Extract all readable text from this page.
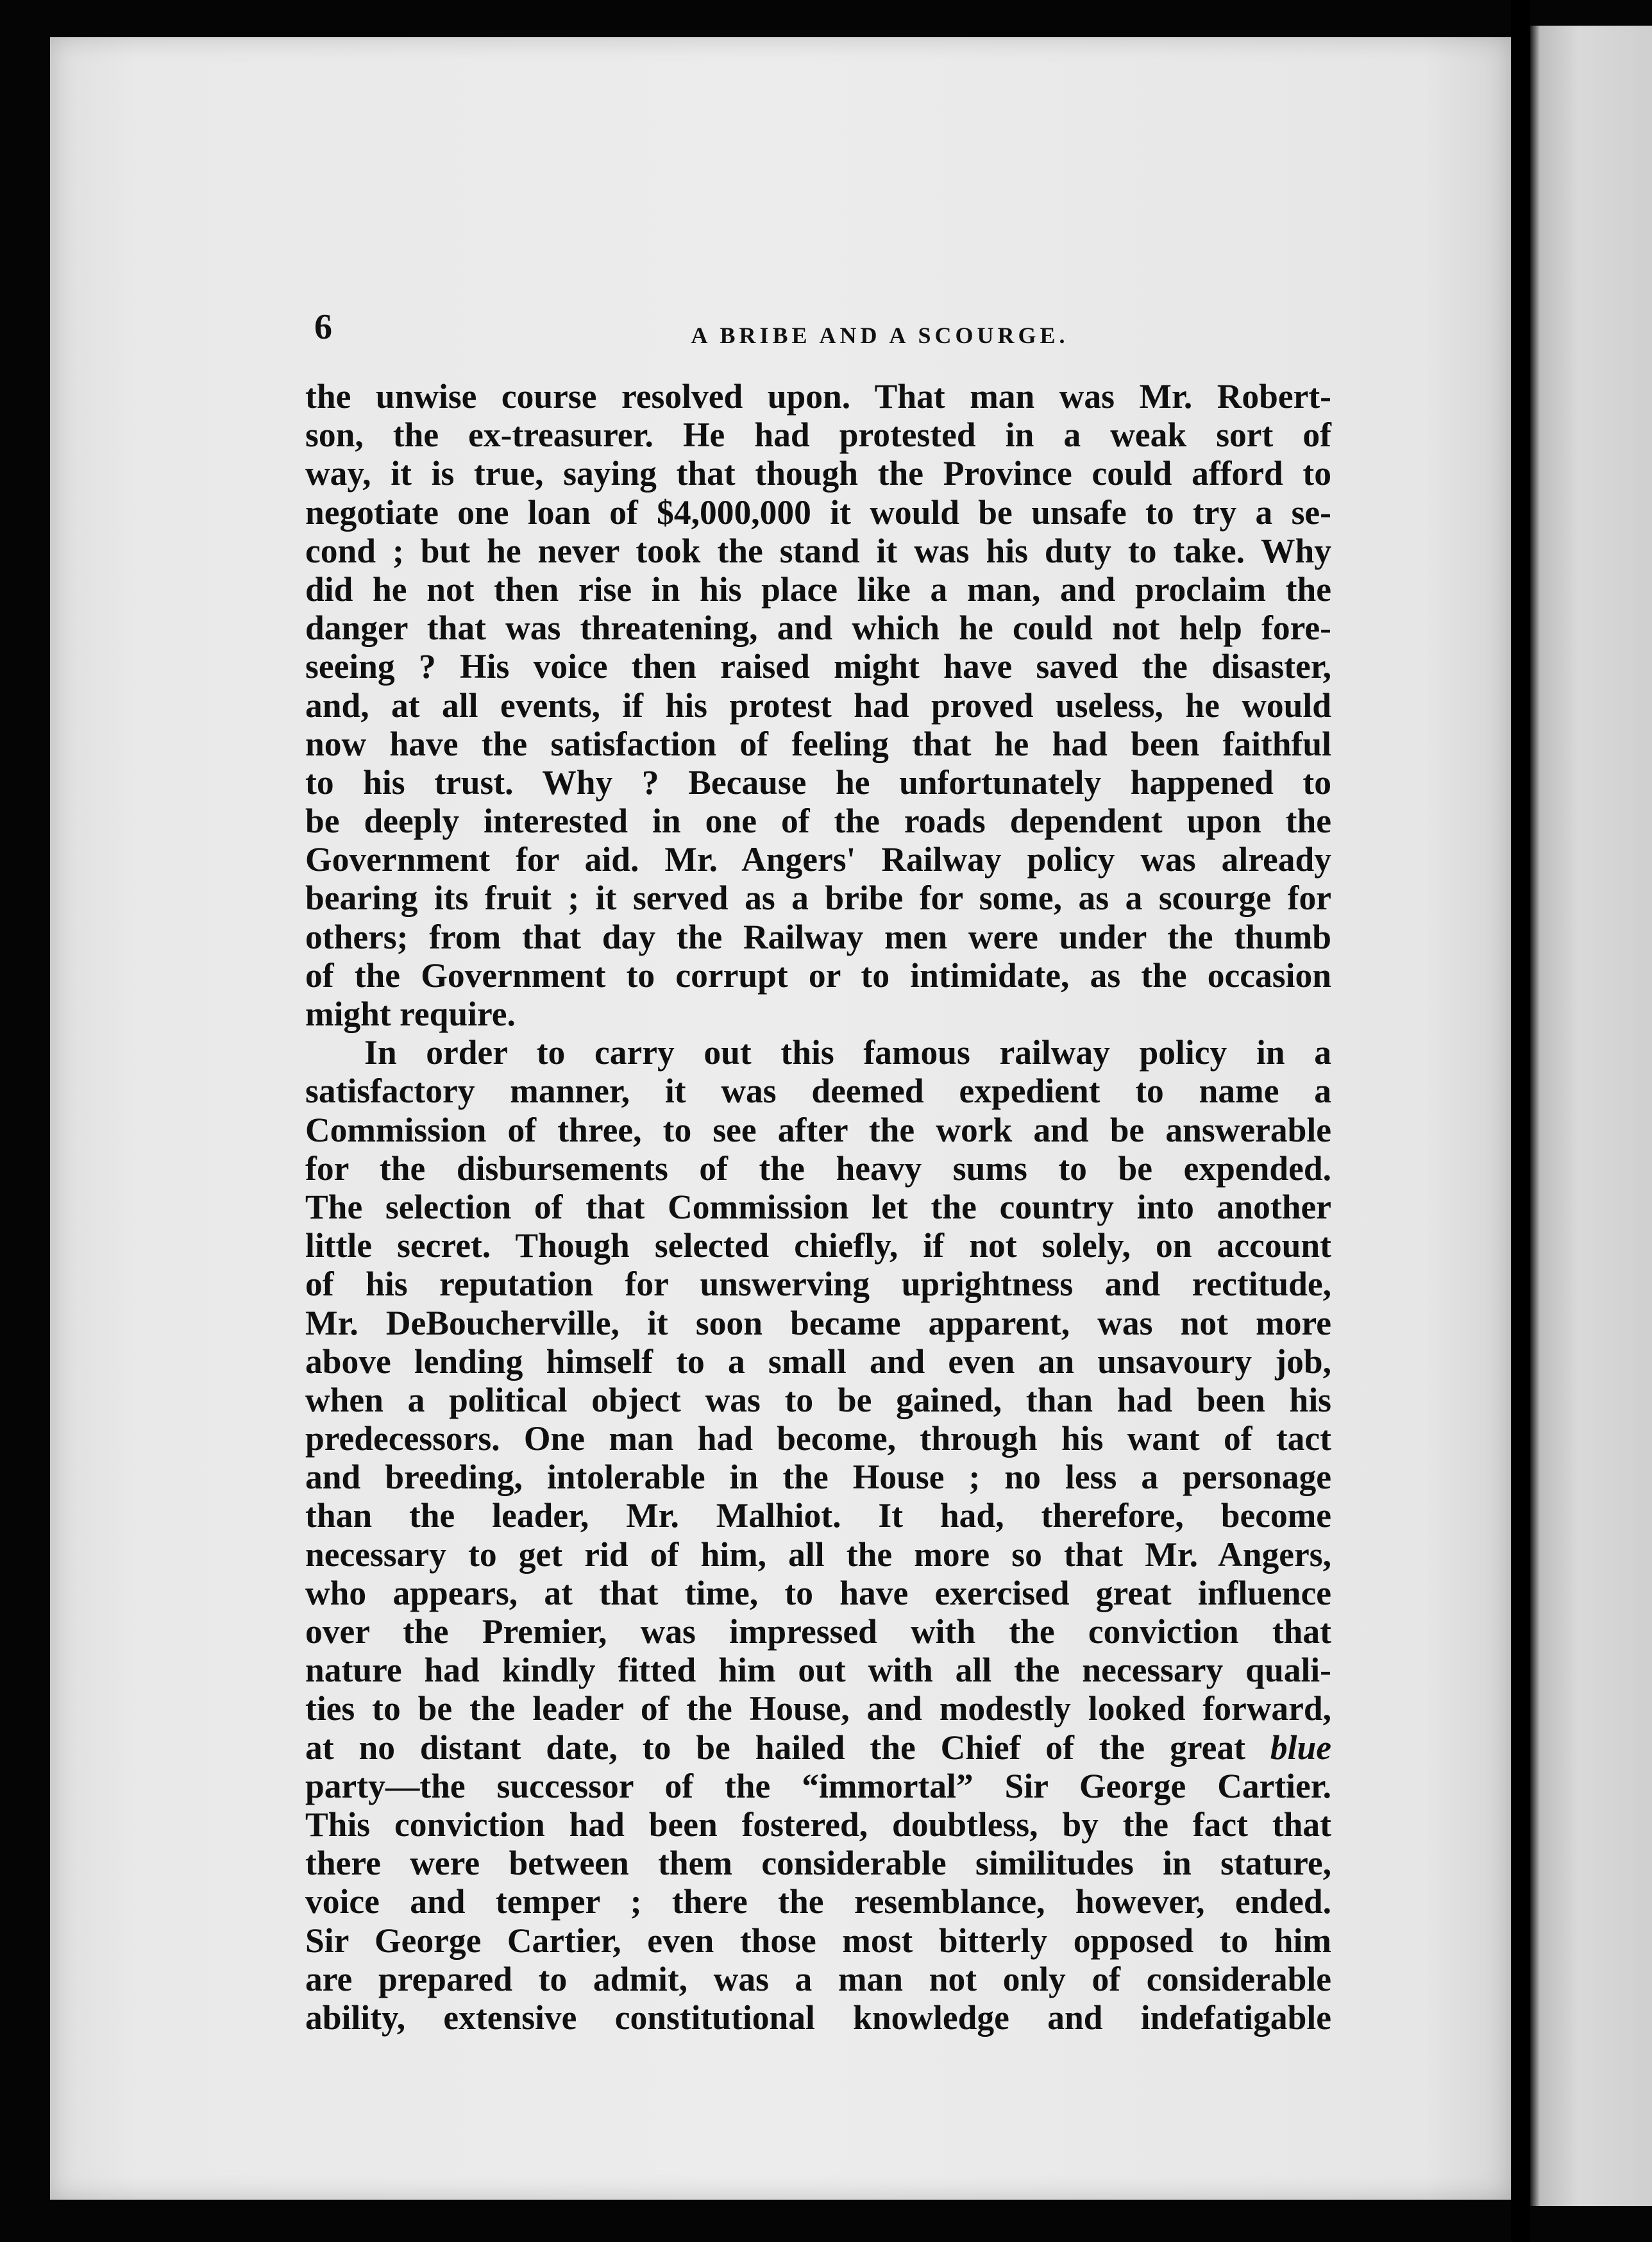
6	A BRIBE AND A SCOURGE.

the unwise course resolved upon. That man was Mr. Robert-
son, the ex-treasurer. He had protested in a weak sort of
way, it is true, saying that though the Province could afford to
negotiate one loan of $4,000,000 it would be unsafe to try a se-
cond ; but he never took the stand it was his duty to take. Why
did he not then rise in his place like a man, and proclaim the
danger that was threatening, and which he could not help fore-
seeing ? His voice then raised might have saved the disaster,
and, at all events, if his protest had proved useless, he would
now have the satisfaction of feeling that he had been faithful
to his trust. Why ? Because he unfortunately happened to
be deeply interested in one of the roads dependent upon the
Government for aid. Mr. Angers' Railway policy was already
bearing its fruit ; it served as a bribe for some, as a scourge for
others; from that day the Railway men were under the thumb
of the Government to corrupt or to intimidate, as the occasion
might require.

In order to carry out this famous railway policy in a
satisfactory manner, it was deemed expedient to name a
Commission of three, to see after the work and be answerable
for the disbursements of the heavy sums to be expended.
The selection of that Commission let the country into another
little secret. Though selected chiefly, if not solely, on account
of his reputation for unswerving uprightness and rectitude,
Mr. DeBoucherville, it soon became apparent, was not more
above lending himself to a small and even an unsavoury job,
when a political object was to be gained, than had been his
predecessors. One man had become, through his want of tact
and breeding, intolerable in the House ; no less a personage
than the leader, Mr. Malhiot. It had, therefore, become
necessary to get rid of him, all the more so that Mr. Angers,
who appears, at that time, to have exercised great influence
over the Premier, was impressed with the conviction that
nature had kindly fitted him out with all the necessary quali-
ties to be the leader of the House, and modestly looked forward,
at no distant date, to be hailed the Chief of the great blue
party—the successor of the “immortal” Sir George Cartier.
This conviction had been fostered, doubtless, by the fact that
there were between them considerable similitudes in stature,
voice and temper ; there the resemblance, however, ended.
Sir George Cartier, even those most bitterly opposed to him
are prepared to admit, was a man not only of considerable
ability, extensive constitutional knowledge and indefatigable
